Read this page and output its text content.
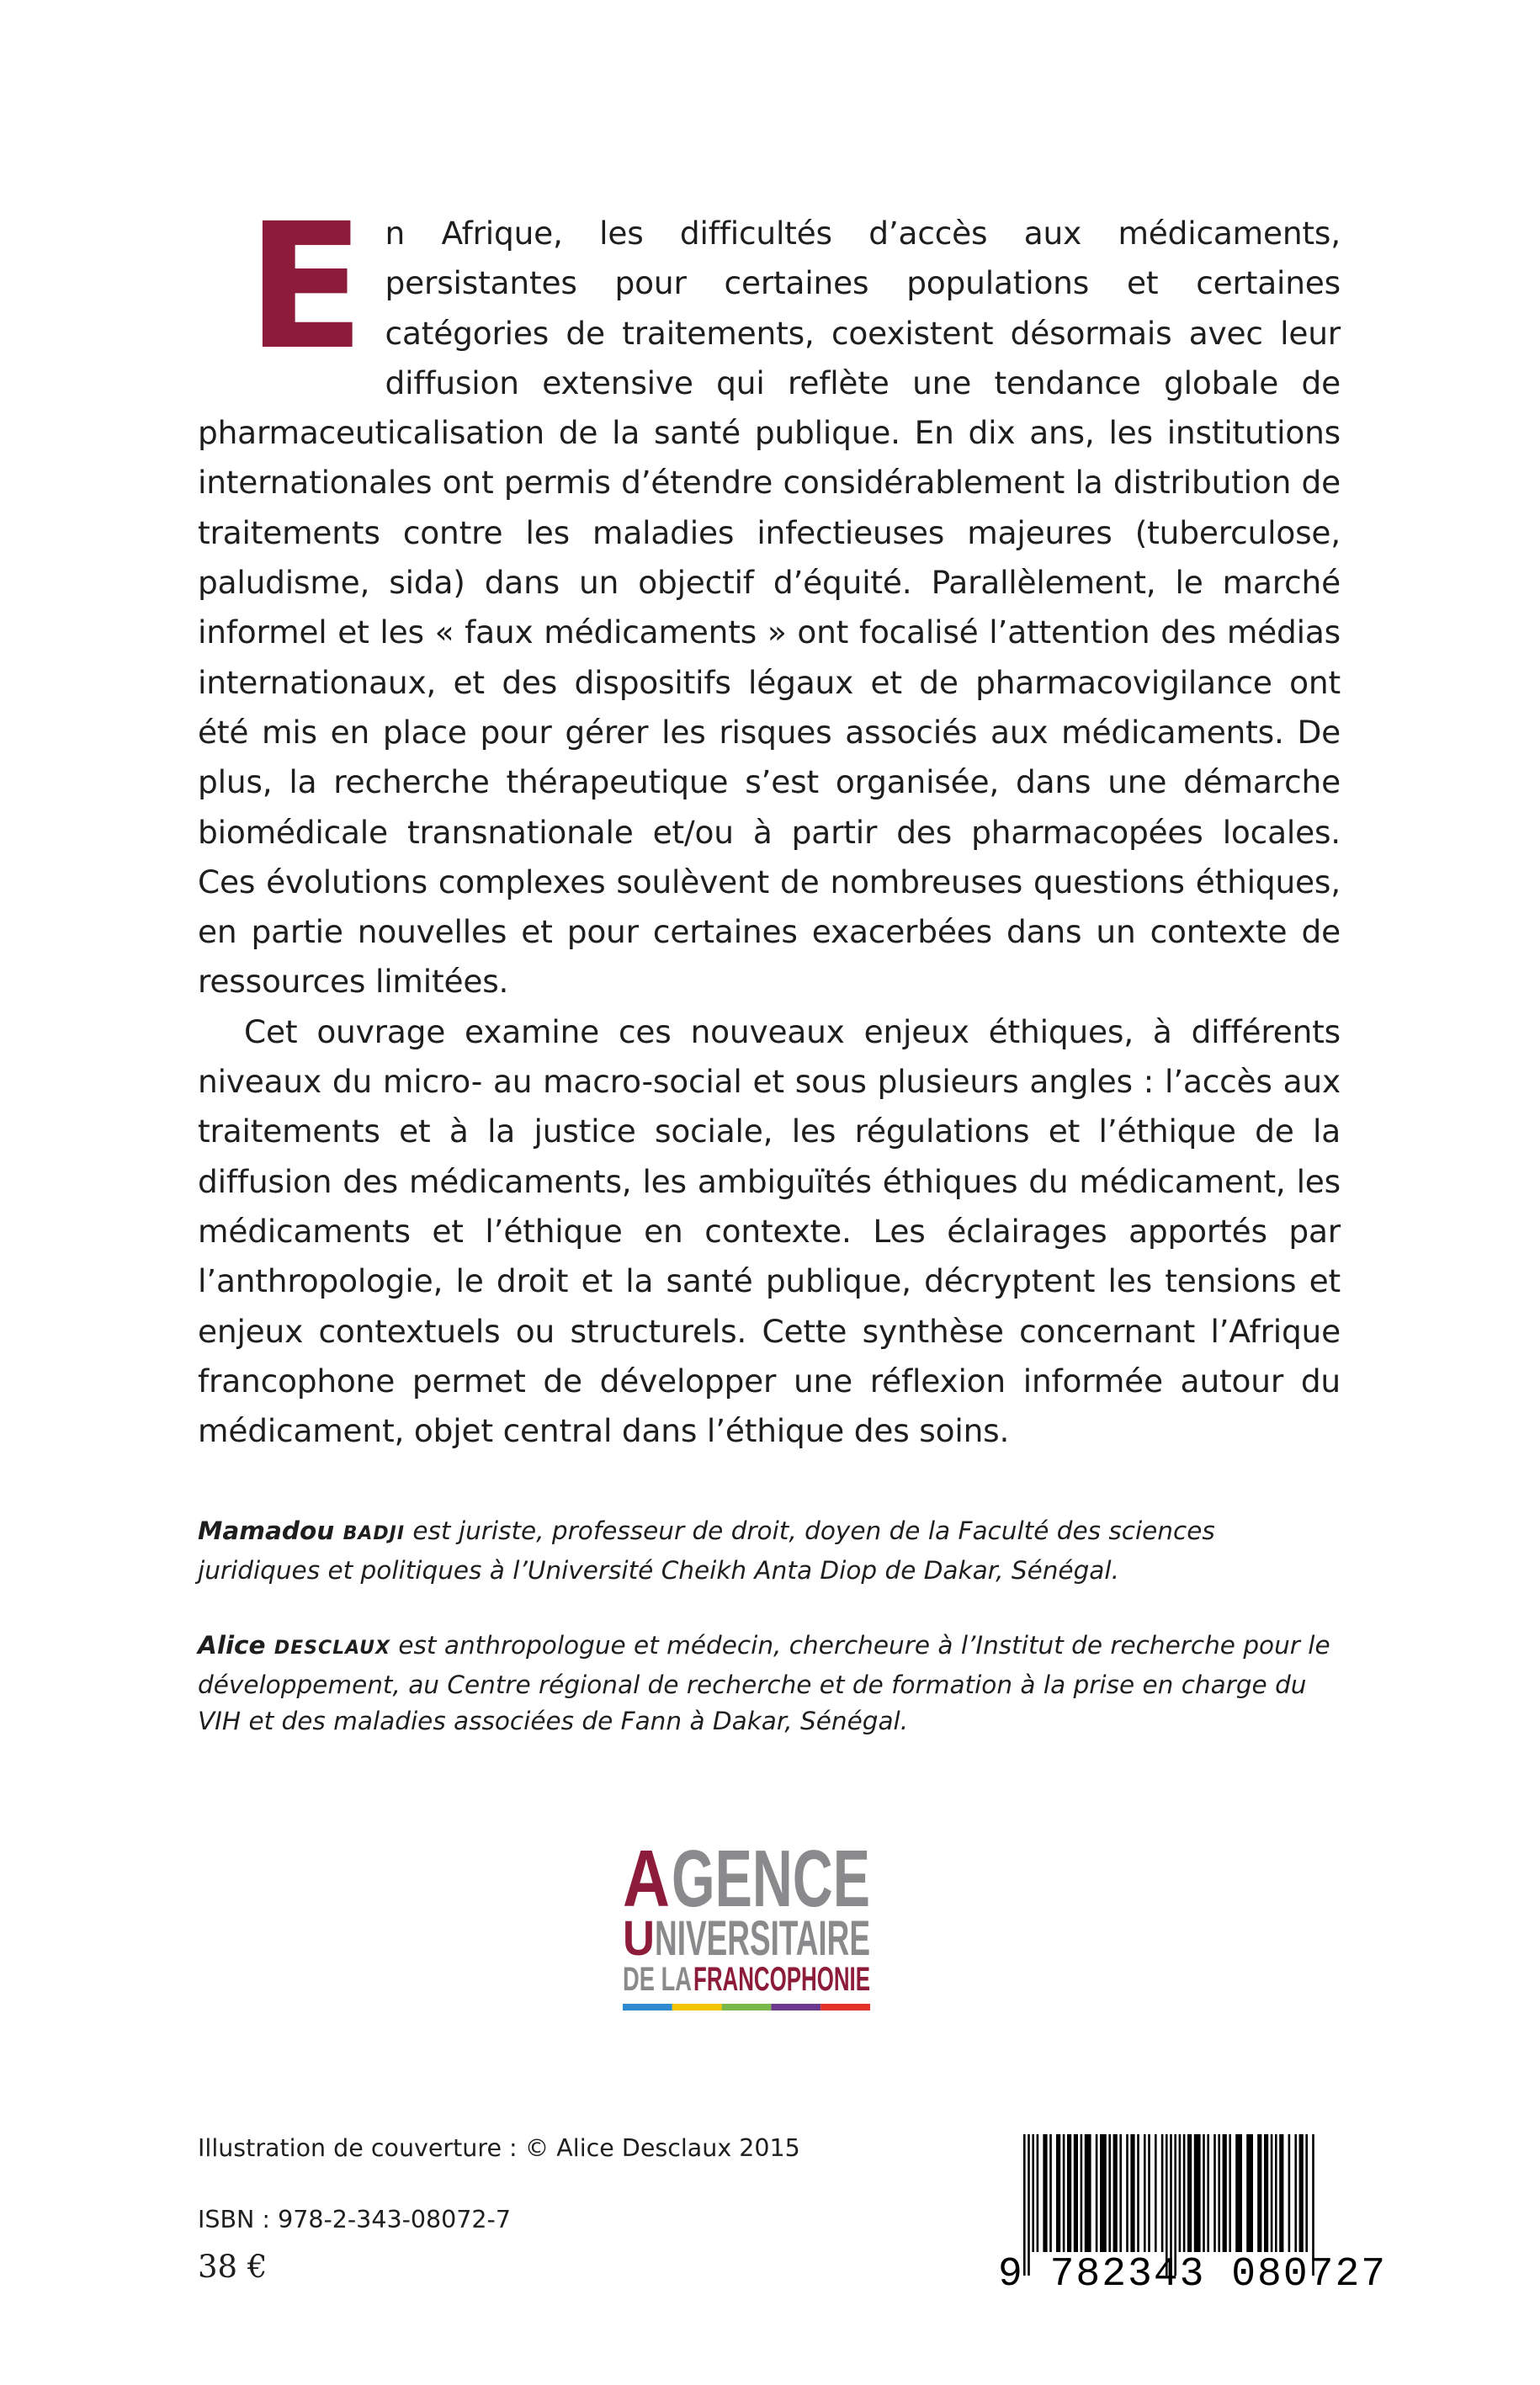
En Afrique, les difficultés d’accès aux médicaments, persistantes pour certaines populations et certaines catégories de traitements, coexistent désormais avec leur diffusion extensive qui reflète une tendance globale de pharmaceuticalisation de la santé publique. En dix ans, les institutions internationales ont permis d’étendre considérablement la distribution de traitements contre les maladies infectieuses majeures (tuberculose, paludisme, sida) dans un objectif d’équité. Parallèlement, le marché informel et les « faux médicaments » ont focalisé l’attention des médias internationaux, et des dispositifs légaux et de pharmacovigilance ont été mis en place pour gérer les risques associés aux médicaments. De plus, la recherche thérapeutique s’est organisée, dans une démarche biomédicale transnationale et/ou à partir des pharmacopées locales. Ces évolutions complexes soulèvent de nombreuses questions éthiques, en partie nouvelles et pour certaines exacerbées dans un contexte de ressources limitées.

Cet ouvrage examine ces nouveaux enjeux éthiques, à différents niveaux du micro- au macro-social et sous plusieurs angles : l’accès aux traitements et à la justice sociale, les régulations et l’éthique de la diffusion des médicaments, les ambiguïtés éthiques du médicament, les médicaments et l’éthique en contexte. Les éclairages apportés par l’anthropologie, le droit et la santé publique, décryptent les tensions et enjeux contextuels ou structurels. Cette synthèse concernant l’Afrique francophone permet de développer une réflexion informée autour du médicament, objet central dans l’éthique des soins.

Mamadou BADJI est juriste, professeur de droit, doyen de la Faculté des sciences juridiques et politiques à l’Université Cheikh Anta Diop de Dakar, Sénégal.

Alice DESCLAUX est anthropologue et médecin, chercheure à l’Institut de recherche pour le développement, au Centre régional de recherche et de formation à la prise en charge du VIH et des maladies associées de Fann à Dakar, Sénégal.

A GENCE
U NIVERSITAIRE
DE LA FRANCOPHONIE
Illustration de couverture : © Alice Desclaux 2015
ISBN : 978-2-343-08072-7
38 €	9 782343 080727
